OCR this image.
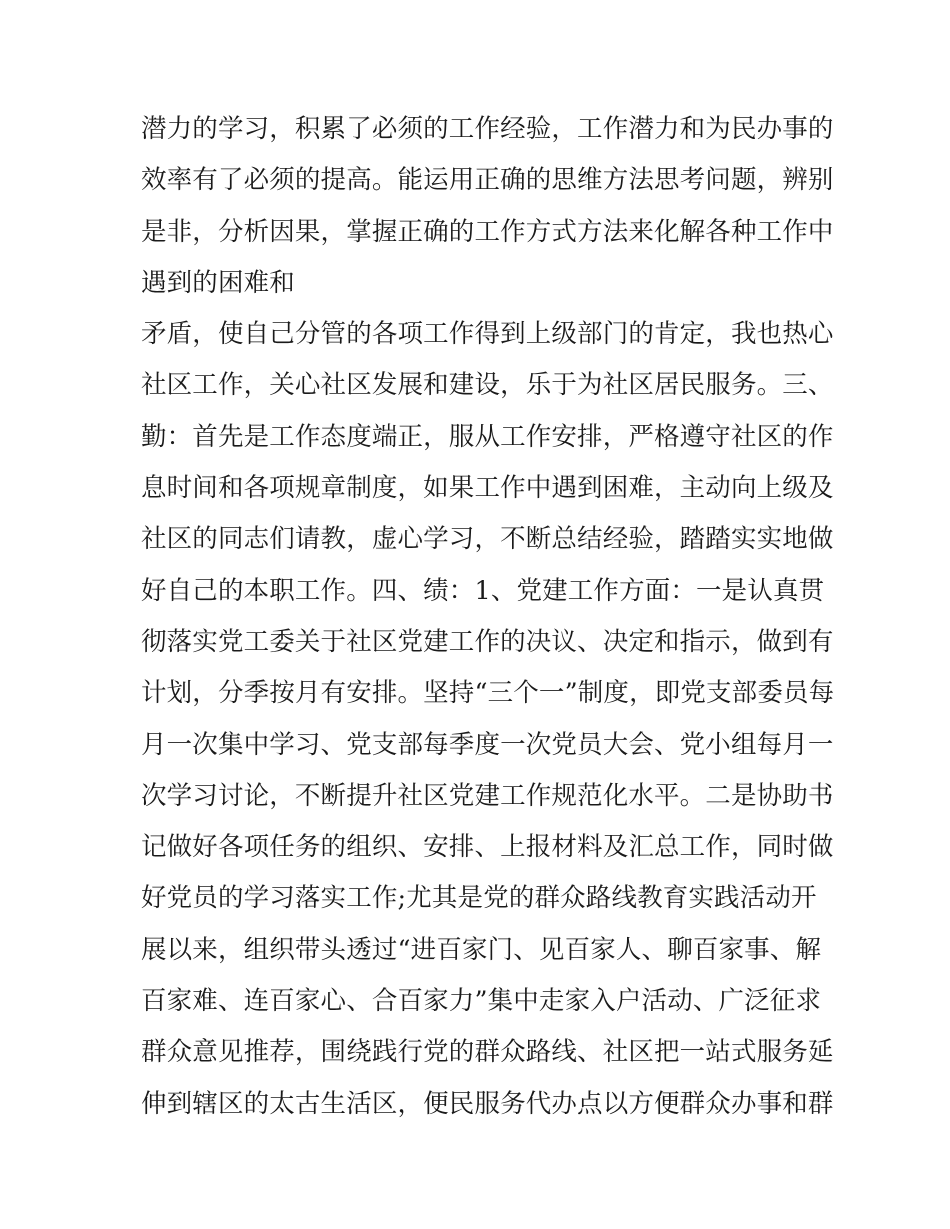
潜力的学习，积累了必须的工作经验，工作潜力和为民办事的
效率有了必须的提高。能运用正确的思维方法思考问题，辨别
是非，分析因果，掌握正确的工作方式方法来化解各种工作中
遇到的困难和
矛盾，使自己分管的各项工作得到上级部门的肯定，我也热心
社区工作，关心社区发展和建设，乐于为社区居民服务。三、
勤：首先是工作态度端正，服从工作安排，严格遵守社区的作
息时间和各项规章制度，如果工作中遇到困难，主动向上级及
社区的同志们请教，虚心学习，不断总结经验，踏踏实实地做
好自己的本职工作。四、绩：1、党建工作方面：一是认真贯
彻落实党工委关于社区党建工作的决议、决定和指示，做到有
计划，分季按月有安排。坚持“三个一”制度，即党支部委员每
月一次集中学习、党支部每季度一次党员大会、党小组每月一
次学习讨论，不断提升社区党建工作规范化水平。二是协助书
记做好各项任务的组织、安排、上报材料及汇总工作，同时做
好党员的学习落实工作;尤其是党的群众路线教育实践活动开
展以来，组织带头透过“进百家门、见百家人、聊百家事、解
百家难、连百家心、合百家力”集中走家入户活动、广泛征求
群众意见推荐，围绕践行党的群众路线、社区把一站式服务延
伸到辖区的太古生活区，便民服务代办点以方便群众办事和群
